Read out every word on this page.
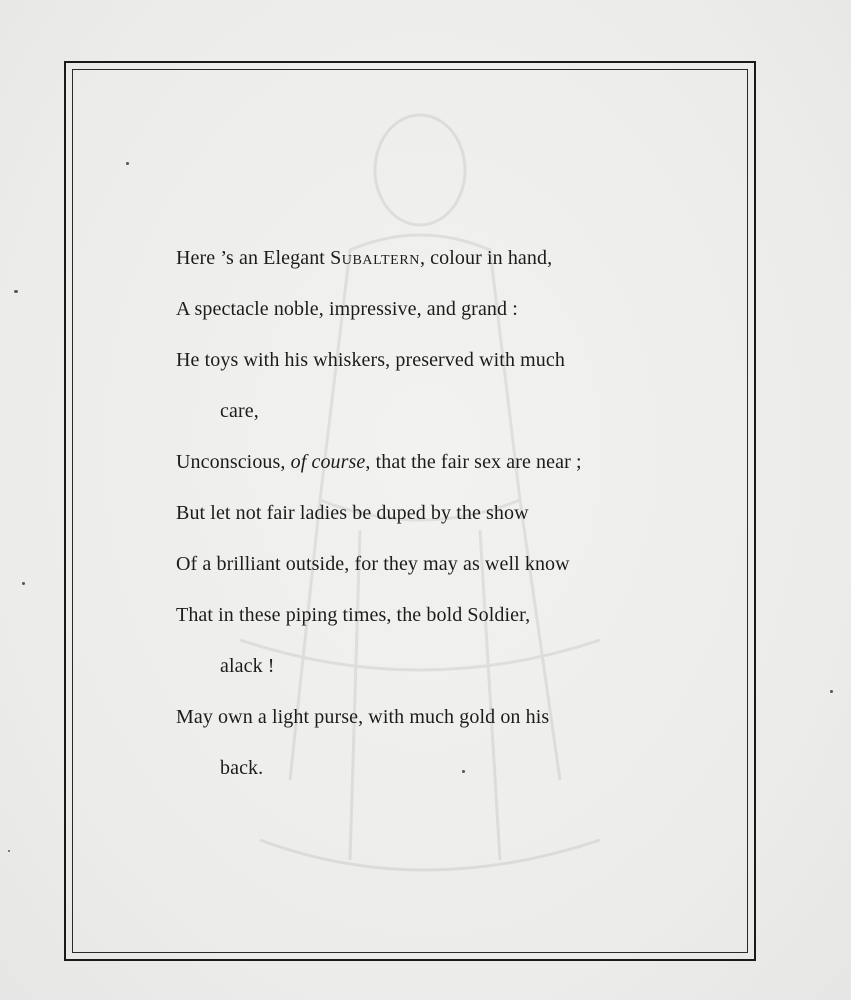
Here ’s an Elegant Subaltern, colour in hand,
A spectacle noble, impressive, and grand :
He toys with his whiskers, preserved with much
care,
Unconscious, of course, that the fair sex are near ;
But let not fair ladies be duped by the show
Of a brilliant outside, for they may as well know
That in these piping times, the bold Soldier,
alack !
May own a light purse, with much gold on his
back.
